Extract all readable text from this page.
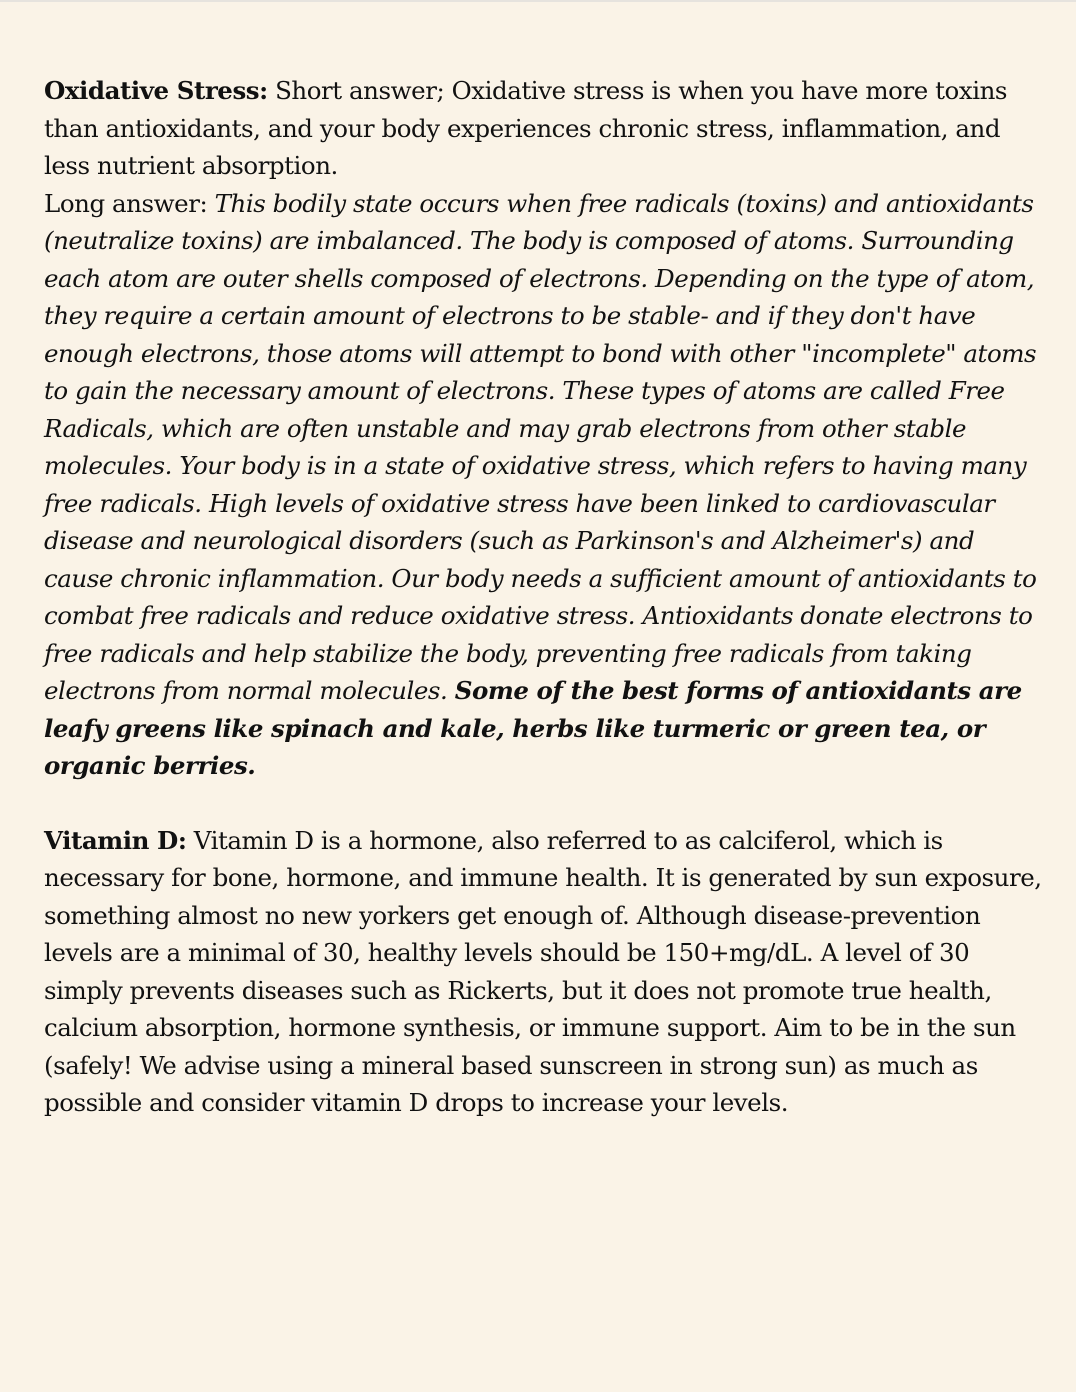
Oxidative Stress: Short answer; Oxidative stress is when you have more toxins than antioxidants, and your body experiences chronic stress, inflammation, and less nutrient absorption.

Long answer: This bodily state occurs when free radicals (toxins) and antioxidants (neutralize toxins) are imbalanced. The body is composed of atoms. Surrounding each atom are outer shells composed of electrons. Depending on the type of atom, they require a certain amount of electrons to be stable- and if they don't have enough electrons, those atoms will attempt to bond with other "incomplete" atoms to gain the necessary amount of electrons. These types of atoms are called Free Radicals, which are often unstable and may grab electrons from other stable molecules. Your body is in a state of oxidative stress, which refers to having many free radicals. High levels of oxidative stress have been linked to cardiovascular disease and neurological disorders (such as Parkinson's and Alzheimer's) and cause chronic inflammation. Our body needs a sufficient amount of antioxidants to combat free radicals and reduce oxidative stress. Antioxidants donate electrons to free radicals and help stabilize the body, preventing free radicals from taking electrons from normal molecules. Some of the best forms of antioxidants are leafy greens like spinach and kale, herbs like turmeric or green tea, or organic berries.

Vitamin D: Vitamin D is a hormone, also referred to as calciferol, which is necessary for bone, hormone, and immune health. It is generated by sun exposure, something almost no new yorkers get enough of. Although disease-prevention levels are a minimal of 30, healthy levels should be 150+mg/dL. A level of 30 simply prevents diseases such as Rickerts, but it does not promote true health, calcium absorption, hormone synthesis, or immune support. Aim to be in the sun (safely! We advise using a mineral based sunscreen in strong sun) as much as possible and consider vitamin D drops to increase your levels.
